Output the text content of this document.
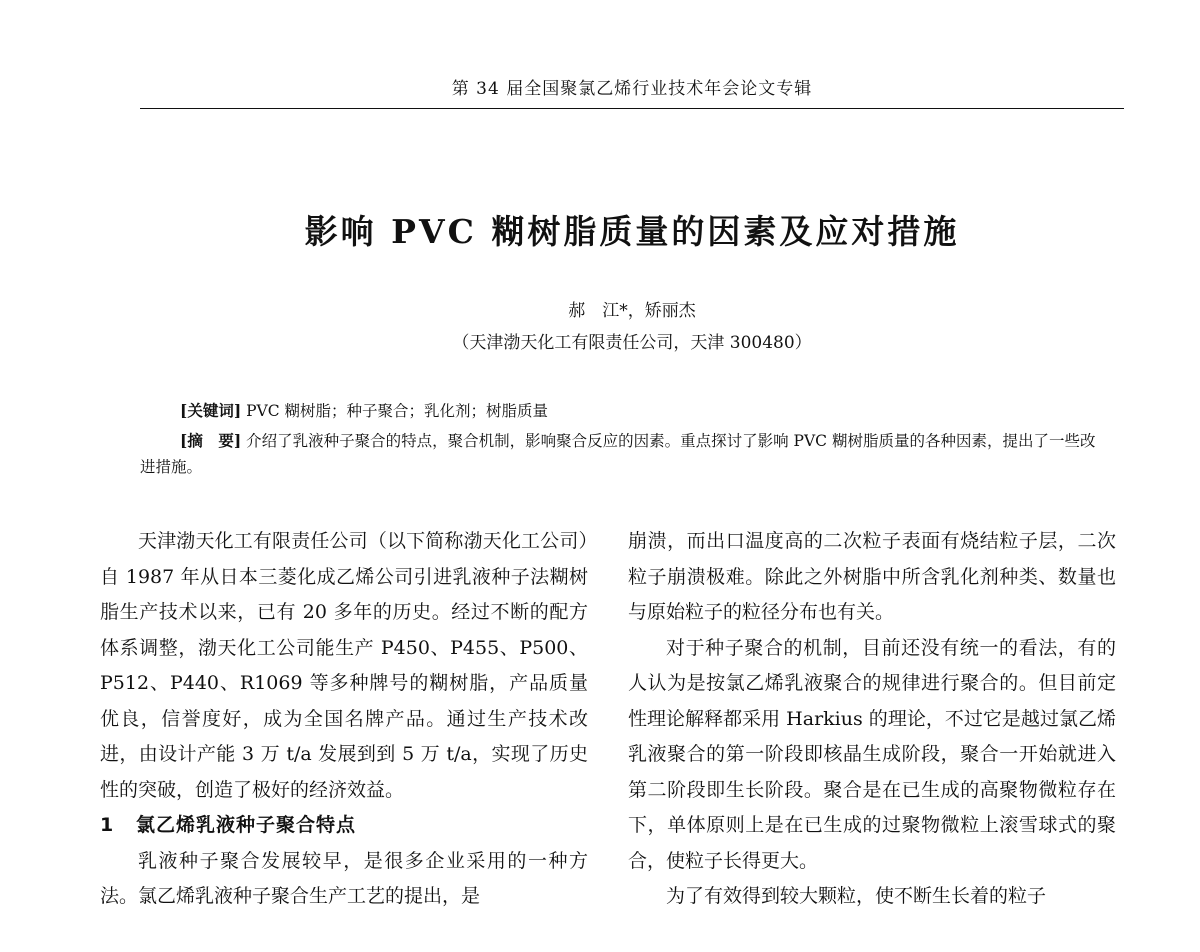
第 34 届全国聚氯乙烯行业技术年会论文专辑
影响 PVC 糊树脂质量的因素及应对措施
郝　江*，矫丽杰
（天津渤天化工有限责任公司，天津 300480）
[关键词] PVC 糊树脂；种子聚合；乳化剂；树脂质量
[摘　要] 介绍了乳液种子聚合的特点，聚合机制，影响聚合反应的因素。重点探讨了影响 PVC 糊树脂质量的各种因素，提出了一些改进措施。

天津渤天化工有限责任公司（以下简称渤天化工公司）自 1987 年从日本三菱化成乙烯公司引进乳液种子法糊树脂生产技术以来，已有 20 多年的历史。经过不断的配方体系调整，渤天化工公司能生产 P450、P455、P500、P512、P440、R1069 等多种牌号的糊树脂，产品质量优良，信誉度好，成为全国名牌产品。通过生产技术改进，由设计产能 3 万 t/a 发展到到 5 万 t/a，实现了历史性的突破，创造了极好的经济效益。

1 氯乙烯乳液种子聚合特点

乳液种子聚合发展较早，是很多企业采用的一种方法。氯乙烯乳液种子聚合生产工艺的提出，是

崩溃，而出口温度高的二次粒子表面有烧结粒子层，二次粒子崩溃极难。除此之外树脂中所含乳化剂种类、数量也与原始粒子的粒径分布也有关。

对于种子聚合的机制，目前还没有统一的看法，有的人认为是按氯乙烯乳液聚合的规律进行聚合的。但目前定性理论解释都采用 Harkius 的理论，不过它是越过氯乙烯乳液聚合的第一阶段即核晶生成阶段，聚合一开始就进入第二阶段即生长阶段。聚合是在已生成的高聚物微粒存在下，单体原则上是在已生成的过聚物微粒上滚雪球式的聚合，使粒子长得更大。

为了有效得到较大颗粒，使不断生长着的粒子
